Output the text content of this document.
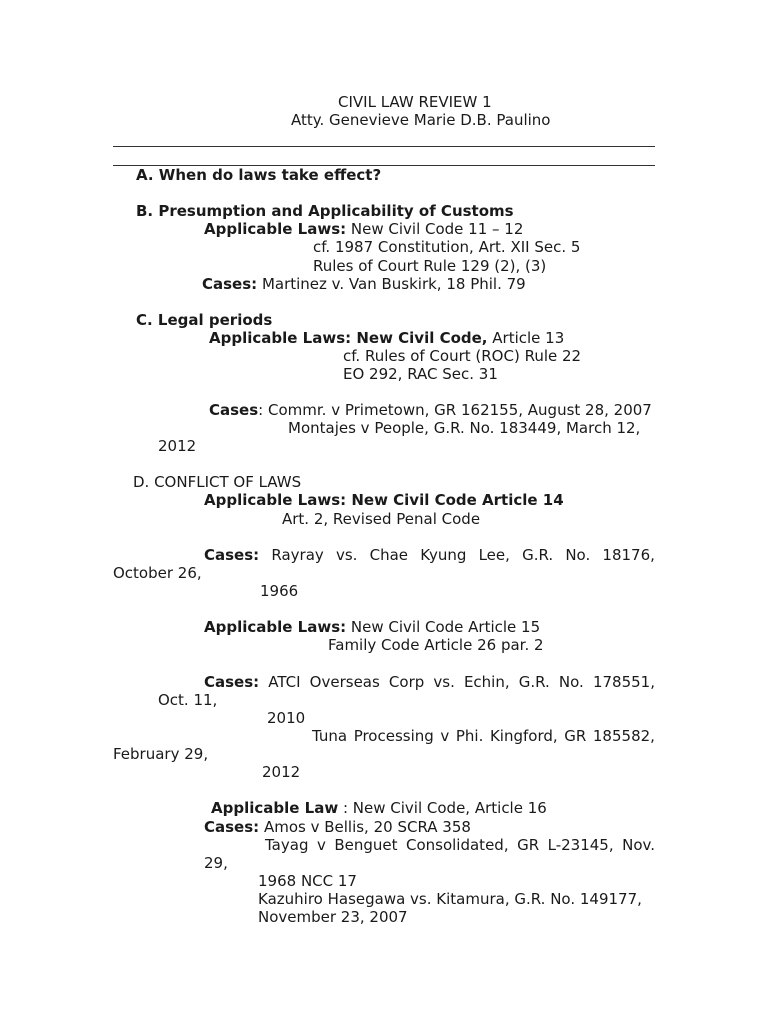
CIVIL LAW REVIEW 1
Atty. Genevieve Marie D.B. Paulino
A. When do laws take effect?
B. Presumption and Applicability of Customs
Applicable Laws: New Civil Code 11 – 12
cf. 1987 Constitution, Art. XII Sec. 5
Rules of Court Rule 129 (2), (3)
Cases: Martinez v. Van Buskirk, 18 Phil. 79
C. Legal periods
Applicable Laws: New Civil Code, Article 13
cf. Rules of Court (ROC) Rule 22
EO 292, RAC Sec. 31
Cases: Commr. v Primetown, GR 162155, August 28, 2007
Montajes v People, G.R. No. 183449, March 12,
2012
D. CONFLICT OF LAWS
Applicable Laws: New Civil Code Article 14
Art. 2, Revised Penal Code
Cases: Rayray vs. Chae Kyung Lee, G.R. No. 18176,
October 26,
1966
Applicable Laws: New Civil Code Article 15
Family Code Article 26 par. 2
Cases: ATCI Overseas Corp vs. Echin, G.R. No. 178551,
Oct. 11,
2010
Tuna Processing v Phi. Kingford, GR 185582,
February 29,
2012
Applicable Law : New Civil Code, Article 16
Cases: Amos v Bellis, 20 SCRA 358
Tayag v Benguet Consolidated, GR L-23145, Nov.
29,
1968 NCC 17
Kazuhiro Hasegawa vs. Kitamura, G.R. No. 149177,
November 23, 2007
